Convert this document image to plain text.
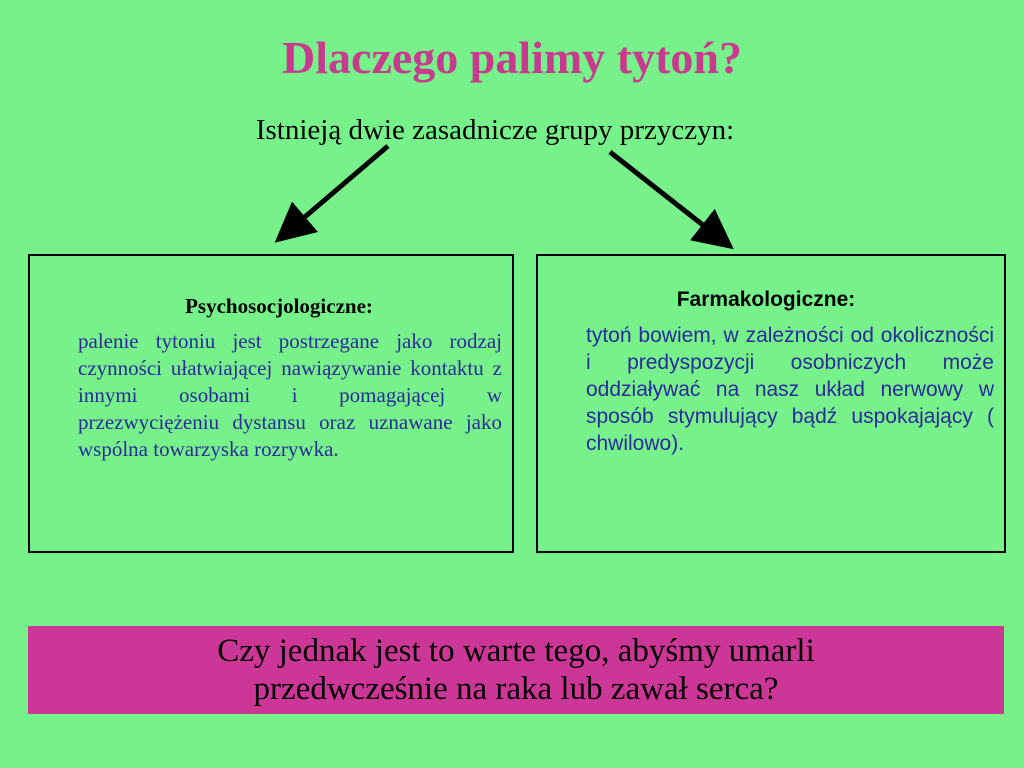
Dlaczego palimy tytoń?

Istnieją dwie zasadnicze grupy przyczyn:

Psychosocjologiczne:

palenie tytoniu jest postrzegane jako rodzaj czynności ułatwiającej nawiązywanie kontaktu z innymi osobami i pomagającej w przezwyciężeniu dystansu oraz uznawane jako wspólna towarzyska rozrywka.

Farmakologiczne:

tytoń bowiem, w zależności od okoliczności i predyspozycji osobniczych może oddziaływać na nasz układ nerwowy w sposób stymulujący bądź uspokajający ( chwilowo).

Czy jednak jest to warte tego, abyśmy umarli
przedwcześnie na raka lub zawał serca?
